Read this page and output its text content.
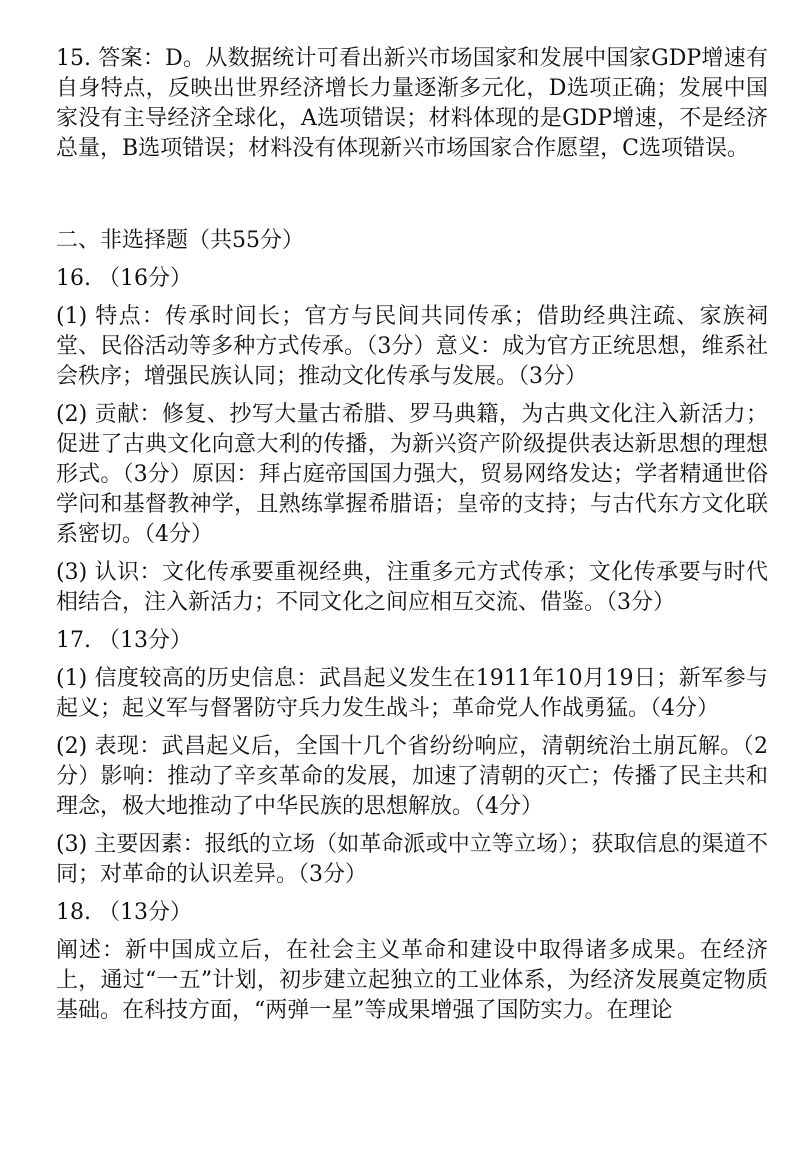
15. 答案：D。从数据统计可看出新兴市场国家和发展中国家GDP增速有自身特点，反映出世界经济增长力量逐渐多元化，D选项正确；发展中国家没有主导经济全球化，A选项错误；材料体现的是GDP增速，不是经济总量，B选项错误；材料没有体现新兴市场国家合作愿望，C选项错误。

二、非选择题（共55分）

16. （16分）

(1) 特点：传承时间长；官方与民间共同传承；借助经典注疏、家族祠堂、民俗活动等多种方式传承。（3分）意义：成为官方正统思想，维系社会秩序；增强民族认同；推动文化传承与发展。（3分）

(2) 贡献：修复、抄写大量古希腊、罗马典籍，为古典文化注入新活力；促进了古典文化向意大利的传播，为新兴资产阶级提供表达新思想的理想形式。（3分）原因：拜占庭帝国国力强大，贸易网络发达；学者精通世俗学问和基督教神学，且熟练掌握希腊语；皇帝的支持；与古代东方文化联系密切。（4分）

(3) 认识：文化传承要重视经典，注重多元方式传承；文化传承要与时代相结合，注入新活力；不同文化之间应相互交流、借鉴。（3分）

17. （13分）

(1) 信度较高的历史信息：武昌起义发生在1911年10月19日；新军参与起义；起义军与督署防守兵力发生战斗；革命党人作战勇猛。（4分）

(2) 表现：武昌起义后，全国十几个省纷纷响应，清朝统治土崩瓦解。（2分）影响：推动了辛亥革命的发展，加速了清朝的灭亡；传播了民主共和理念，极大地推动了中华民族的思想解放。（4分）

(3) 主要因素：报纸的立场（如革命派或中立等立场）；获取信息的渠道不同；对革命的认识差异。（3分）

18. （13分）

阐述：新中国成立后，在社会主义革命和建设中取得诸多成果。在经济上，通过“一五”计划，初步建立起独立的工业体系，为经济发展奠定物质基础。在科技方面，“两弹一星”等成果增强了国防实力。在理论
